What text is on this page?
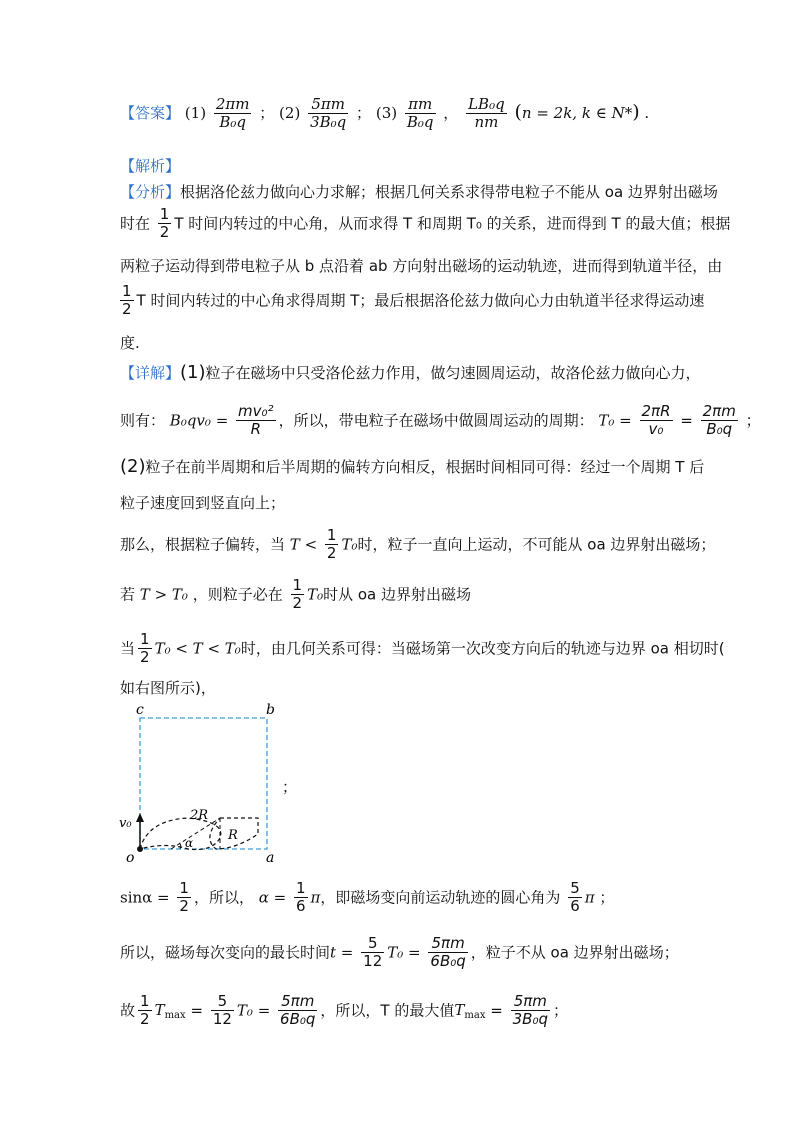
【答案】 $(1) \frac{2\pi m}{\text{B₀q}}$ ； $(2) \frac{5\pi m}{\text{3B₀q}}$ ； $(3) \frac{\pi m}{\text{B₀q}}$ ， $\frac{\text{LB₀q}}{nm} (n = 2k$, k ∈ N*) .
【解析】
【分析】根据洛伦兹力做向心力求解；根据几何关系求得带电粒子不能从 oa 边界射出磁场
时在 $\frac{1}{2}$ T 时间内转过的中心角，从而求得 T 和周期 T₀ 的关系，进而得到 T 的最大值；根据
两粒子运动得到带电粒子从 b 点沿着 ab 方向射出磁场的运动轨迹，进而得到轨道半径，由
$\frac{1}{2}$ T 时间内转过的中心角求得周期 T；最后根据洛伦兹力做向心力由轨道半径求得运动速
度.
【详解】(1)粒子在磁场中只受洛伦兹力作用，做匀速圆周运动，故洛伦兹力做向心力，
则有： $B_0qv_0 = \frac{\text{mv₀²}}{R}$ ，所以，带电粒子在磁场中做圆周运动的周期： $T_0 = \frac{2\pi R}{\text{v₀}} = \frac{2\pi m}{\text{B₀q}}$ ；
(2)粒子在前半周期和后半周期的偏转方向相反，根据时间相同可得：经过一个周期 T 后
粒子速度回到竖直向上；
那么，根据粒子偏转，当 $T < \frac{1}{2} T_0$时，粒子一直向上运动，不可能从 oa 边界射出磁场；
若 T > T₀ ，则粒子必在 $\frac{1}{2} T_0$时从 oa 边界射出磁场
当 $\frac{1}{2} T_0 < T < T_0$时，由几何关系可得：当磁场第一次改变方向后的轨迹与边界 oa 相切时(
如右图所示)，
c	b
o	a
v₀
2R
R
α
；
$\sin\alpha = \frac{1}{2}$ ，所以， $\alpha = \frac{1}{6}$ π，即磁场变向前运动轨迹的圆心角为 $\frac{5}{6}$ π ；
所以，磁场每次变向的最长时间$t = \frac{5}{12} T_0 = \frac{5\pi m}{\text{6B₀q}}$ ，粒子不从 oa 边界射出磁场；
故 $\frac{1}{2} T_{max} = \frac{5}{12} T_0 = \frac{5\pi m}{\text{6B₀q}}$ ，所以，T 的最大值$T_{max} = \frac{5\pi m}{\text{3B₀q}}$ ；
